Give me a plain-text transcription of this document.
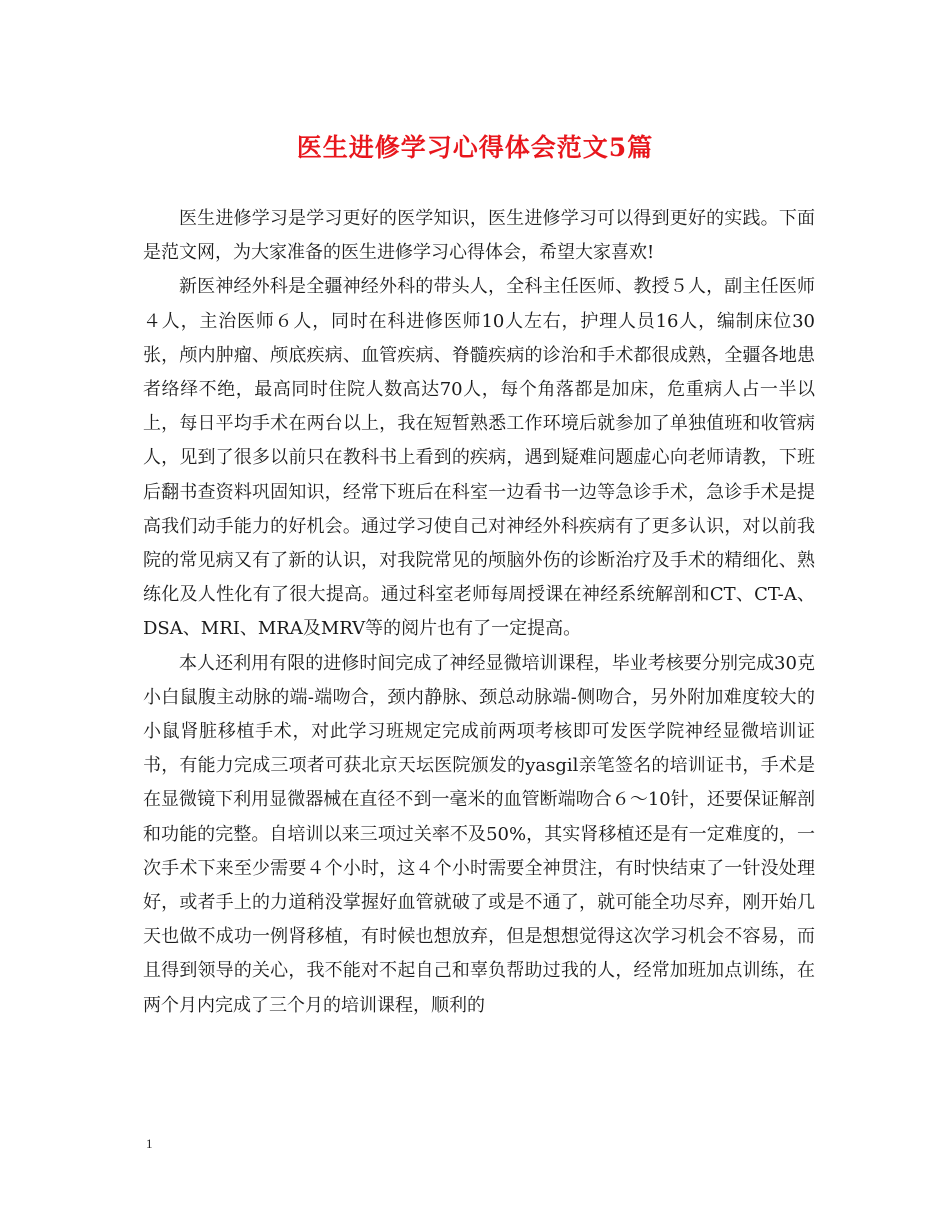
医生进修学习心得体会范文5篇

医生进修学习是学习更好的医学知识，医生进修学习可以得到更好的实践。下面是范文网，为大家准备的医生进修学习心得体会，希望大家喜欢!

新医神经外科是全疆神经外科的带头人，全科主任医师、教授５人，副主任医师４人，主治医师６人，同时在科进修医师10人左右，护理人员16人，编制床位30张，颅内肿瘤、颅底疾病、血管疾病、脊髓疾病的诊治和手术都很成熟，全疆各地患者络绎不绝，最高同时住院人数高达70人，每个角落都是加床，危重病人占一半以上，每日平均手术在两台以上，我在短暂熟悉工作环境后就参加了单独值班和收管病人，见到了很多以前只在教科书上看到的疾病，遇到疑难问题虚心向老师请教，下班后翻书查资料巩固知识，经常下班后在科室一边看书一边等急诊手术，急诊手术是提高我们动手能力的好机会。通过学习使自己对神经外科疾病有了更多认识，对以前我院的常见病又有了新的认识，对我院常见的颅脑外伤的诊断治疗及手术的精细化、熟练化及人性化有了很大提高。通过科室老师每周授课在神经系统解剖和CT、CT-A、DSA、MRI、MRA及MRV等的阅片也有了一定提高。

本人还利用有限的进修时间完成了神经显微培训课程，毕业考核要分别完成30克小白鼠腹主动脉的端-端吻合，颈内静脉、颈总动脉端-侧吻合，另外附加难度较大的小鼠肾脏移植手术，对此学习班规定完成前两项考核即可发医学院神经显微培训证书，有能力完成三项者可获北京天坛医院颁发的yasgil亲笔签名的培训证书，手术是在显微镜下利用显微器械在直径不到一毫米的血管断端吻合６～10针，还要保证解剖和功能的完整。自培训以来三项过关率不及50%，其实肾移植还是有一定难度的，一次手术下来至少需要４个小时，这４个小时需要全神贯注，有时快结束了一针没处理好，或者手上的力道稍没掌握好血管就破了或是不通了，就可能全功尽弃，刚开始几天也做不成功一例肾移植，有时候也想放弃，但是想想觉得这次学习机会不容易，而且得到领导的关心，我不能对不起自己和辜负帮助过我的人，经常加班加点训练，在两个月内完成了三个月的培训课程，顺利的

1
